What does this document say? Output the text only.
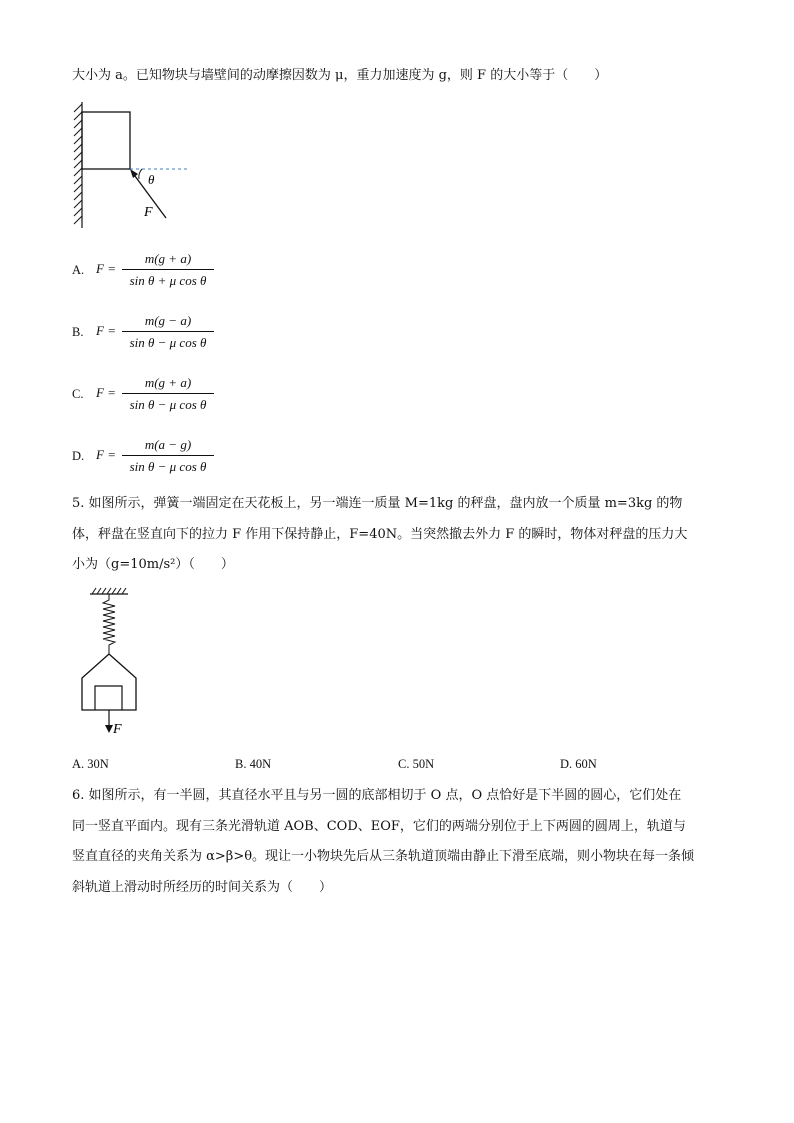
大小为 a。已知物块与墙壁间的动摩擦因数为 μ，重力加速度为 g，则 F 的大小等于（　　）
θ
F
A. F =
m(g + a)
sin θ + μ cos θ
B. F =
m(g − a)
sin θ − μ cos θ
C. F =
m(g + a)
sin θ − μ cos θ
D. F =
m(a − g)
sin θ − μ cos θ
5. 如图所示，弹簧一端固定在天花板上，另一端连一质量 M=1kg 的秤盘，盘内放一个质量 m=3kg 的物
体，秤盘在竖直向下的拉力 F 作用下保持静止，F=40N。当突然撤去外力 F 的瞬时，物体对秤盘的压力大
小为（g=10m/s²）（　　）
F
A. 30N	B. 40N	C. 50N	D. 60N
6. 如图所示，有一半圆，其直径水平且与另一圆的底部相切于 O 点，O 点恰好是下半圆的圆心，它们处在
同一竖直平面内。现有三条光滑轨道 AOB、COD、EOF，它们的两端分别位于上下两圆的圆周上，轨道与
竖直直径的夹角关系为 α>β>θ。现让一小物块先后从三条轨道顶端由静止下滑至底端，则小物块在每一条倾
斜轨道上滑动时所经历的时间关系为（　　）
